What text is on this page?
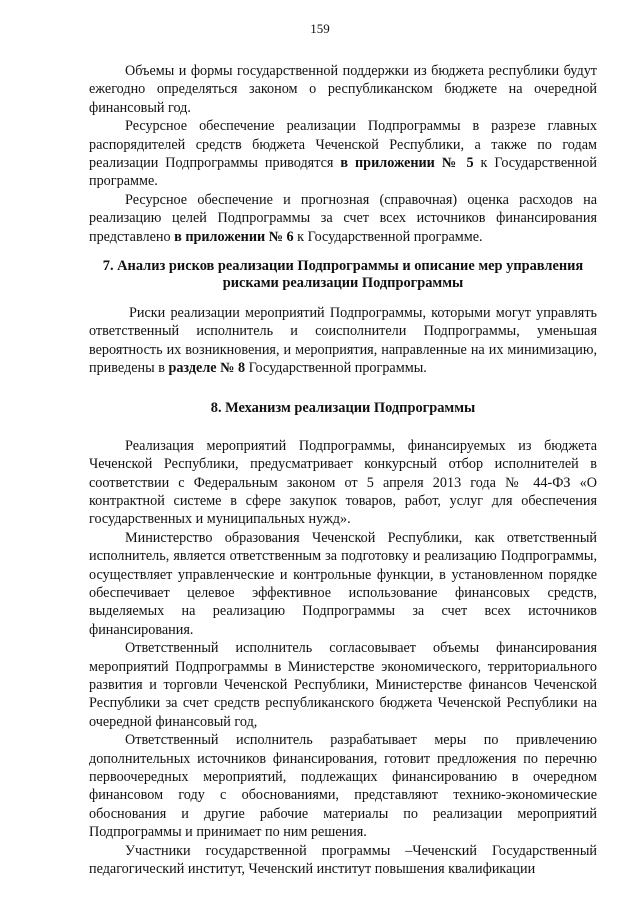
159

Объемы и формы государственной поддержки из бюджета республики будут ежегодно определяться законом о республиканском бюджете на очередной финансовый год.

Ресурсное обеспечение реализации Подпрограммы в разрезе главных распорядителей средств бюджета Чеченской Республики, а также по годам реализации Подпрограммы приводятся в приложении № 5 к Государственной программе.

Ресурсное обеспечение и прогнозная (справочная) оценка расходов на реализацию целей Подпрограммы за счет всех источников финансирования представлено в приложении № 6 к Государственной программе.

7. Анализ рисков реализации Подпрограммы и описание мер управления рисками реализации Подпрограммы

Риски реализации мероприятий Подпрограммы, которыми могут управлять ответственный исполнитель и соисполнители Подпрограммы, уменьшая вероятность их возникновения, и мероприятия, направленные на их минимизацию, приведены в разделе № 8 Государственной программы.

8. Механизм реализации Подпрограммы

Реализация мероприятий Подпрограммы, финансируемых из бюджета Чеченской Республики, предусматривает конкурсный отбор исполнителей в соответствии с Федеральным законом от 5 апреля 2013 года № 44-ФЗ «О контрактной системе в сфере закупок товаров, работ, услуг для обеспечения государственных и муниципальных нужд».

Министерство образования Чеченской Республики, как ответственный исполнитель, является ответственным за подготовку и реализацию Подпрограммы, осуществляет управленческие и контрольные функции, в установленном порядке обеспечивает целевое эффективное использование финансовых средств, выделяемых на реализацию Подпрограммы за счет всех источников финансирования.

Ответственный исполнитель согласовывает объемы финансирования мероприятий Подпрограммы в Министерстве экономического, территориального развития и торговли Чеченской Республики, Министерстве финансов Чеченской Республики за счет средств республиканского бюджета Чеченской Республики на очередной финансовый год,

Ответственный исполнитель разрабатывает меры по привлечению дополнительных источников финансирования, готовит предложения по перечню первоочередных мероприятий, подлежащих финансированию в очередном финансовом году с обоснованиями, представляют технико-экономические обоснования и другие рабочие материалы по реализации мероприятий Подпрограммы и принимает по ним решения.

Участники государственной программы –Чеченский Государственный педагогический институт, Чеченский институт повышения квалификации
